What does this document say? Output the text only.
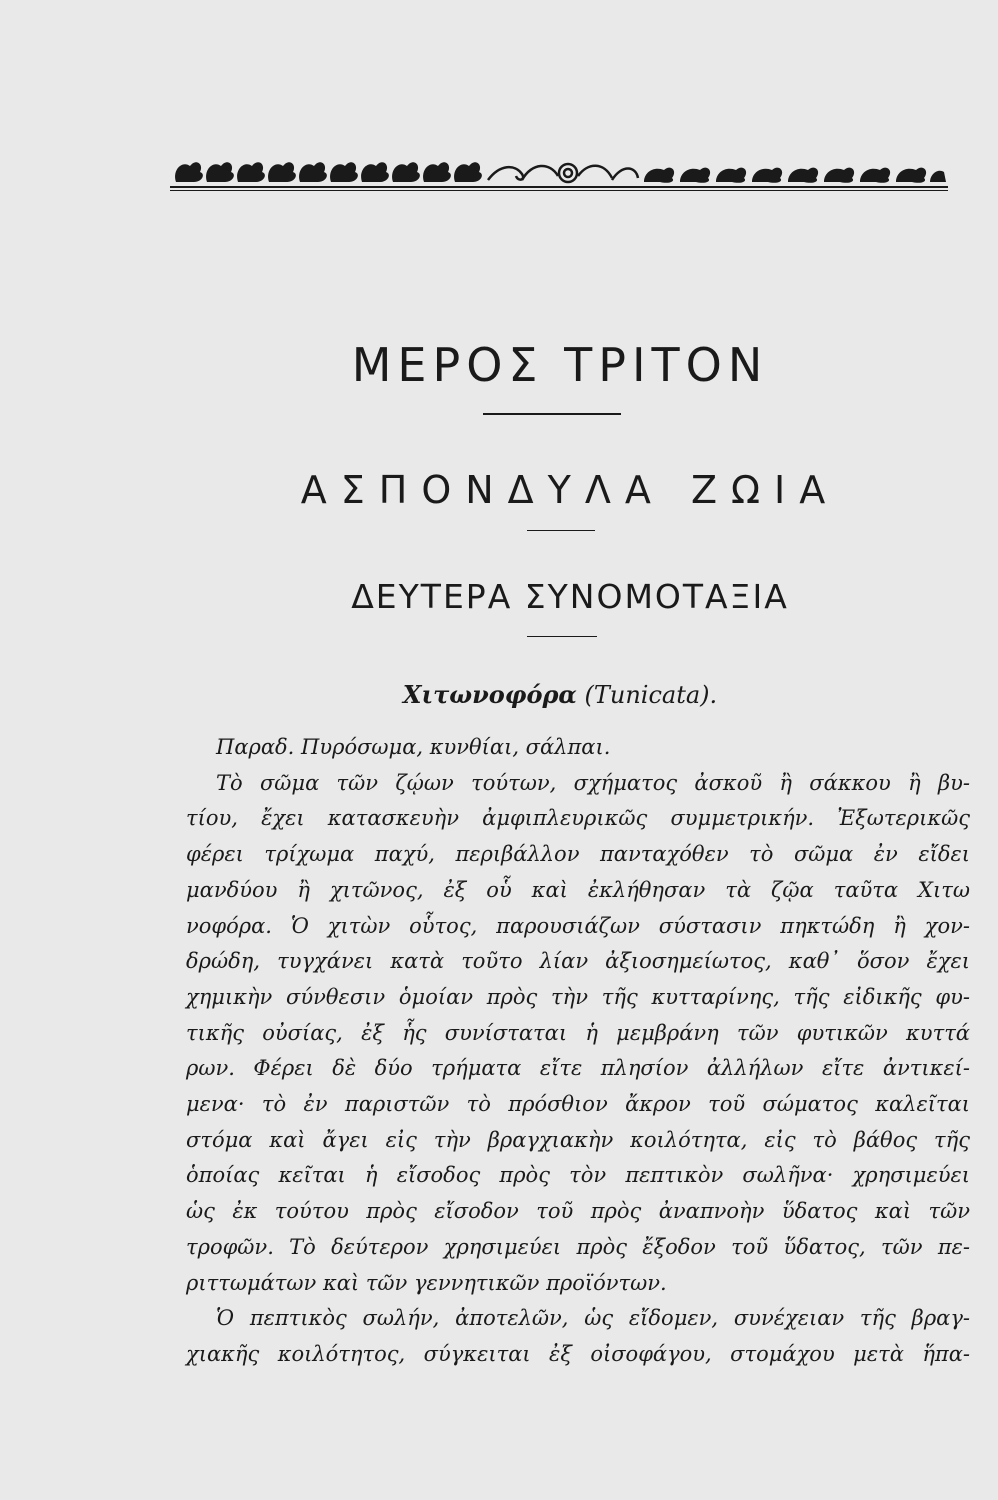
ΜΕΡΟΣ ΤΡΙΤΟΝ
ΑΣΠΟΝΔΥΛΑ ΖΩΙΑ
ΔΕΥΤΕΡΑ ΣΥΝΟΜΟΤΑΞΙΑ
Χιτωνοφόρα (Tunicata).
Παραδ. Πυρόσωμα, κυνθίαι, σάλπαι.
Τὸ σῶμα τῶν ζῴων τούτων, σχήματος ἀσκοῦ ἢ σάκκου ἢ βυ-
τίου, ἔχει κατασκευὴν ἀμφιπλευρικῶς συμμετρικήν. Ἐξωτερικῶς
φέρει τρίχωμα παχύ, περιβάλλον πανταχόθεν τὸ σῶμα ἐν εἴδει
μανδύου ἢ χιτῶνος, ἐξ οὗ καὶ ἐκλήθησαν τὰ ζῷα ταῦτα Χιτω
νοφόρα. Ὁ χιτὼν οὗτος, παρουσιάζων σύστασιν πηκτώδη ἢ χον-
δρώδη, τυγχάνει κατὰ τοῦτο λίαν ἀξιοσημείωτος, καθ᾽ ὅσον ἔχει
χημικὴν σύνθεσιν ὁμοίαν πρὸς τὴν τῆς κυτταρίνης, τῆς εἰδικῆς φυ-
τικῆς οὐσίας, ἐξ ἧς συνίσταται ἡ μεμβράνη τῶν φυτικῶν κυττά
ρων. Φέρει δὲ δύο τρήματα εἴτε πλησίον ἀλλήλων εἴτε ἀντικεί-
μενα· τὸ ἐν παριστῶν τὸ πρόσθιον ἄκρον τοῦ σώματος καλεῖται
στόμα καὶ ἄγει εἰς τὴν βραγχιακὴν κοιλότητα, εἰς τὸ βάθος τῆς
ὁποίας κεῖται ἡ εἴσοδος πρὸς τὸν πεπτικὸν σωλῆνα· χρησιμεύει
ὡς ἐκ τούτου πρὸς εἴσοδον τοῦ πρὸς ἀναπνοὴν ὕδατος καὶ τῶν
τροφῶν. Τὸ δεύτερον χρησιμεύει πρὸς ἔξοδον τοῦ ὕδατος, τῶν πε-
ριττωμάτων καὶ τῶν γεννητικῶν προϊόντων.
Ὁ πεπτικὸς σωλήν, ἀποτελῶν, ὡς εἴδομεν, συνέχειαν τῆς βραγ-
χιακῆς κοιλότητος, σύγκειται ἐξ οἰσοφάγου, στομάχου μετὰ ἥπα-
